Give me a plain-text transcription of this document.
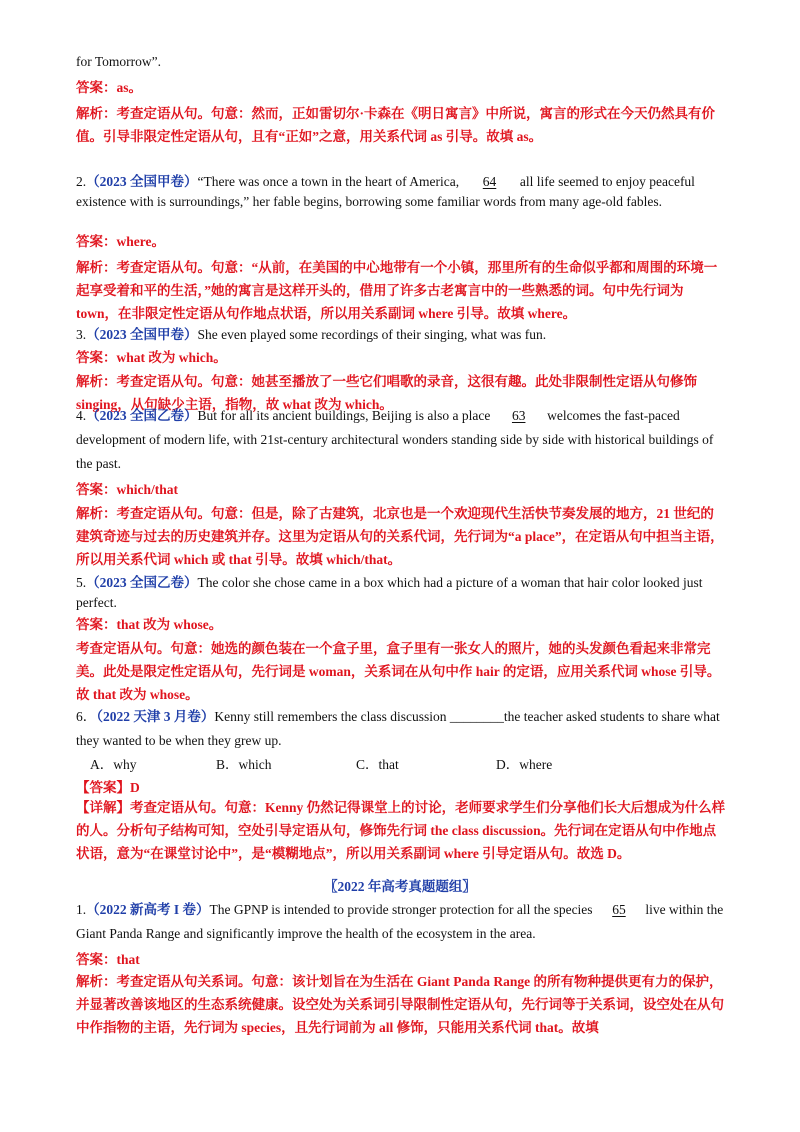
for Tomorrow”.
答案：as。
解析：考查定语从句。句意：然而，正如雷切尔·卡森在《明日寓言》中所说，寓言的形式在今天仍然具有价值。引导非限定性定语从句，且有“正如”之意，用关系代词 as 引导。故填 as。
2.（2023 全国甲卷）“There was once a town in the heart of America, 64 all life seemed to enjoy peaceful existence with is surroundings,” her fable begins, borrowing some familiar words from many age-old fables.
答案：where。
解析：考查定语从句。句意：“从前，在美国的中心地带有一个小镇，那里所有的生命似乎都和周围的环境一起享受着和平的生活，”她的寓言是这样开头的，借用了许多古老寓言中的一些熟悉的词。句中先行词为 town，在非限定性定语从句作地点状语，所以用关系副词 where 引导。故填 where。
3.（2023 全国甲卷）She even played some recordings of their singing, what was fun.
答案：what 改为 which。
解析：考查定语从句。句意：她甚至播放了一些它们唱歌的录音，这很有趣。此处非限制性定语从句修饰 singing，从句缺少主语，指物，故 what 改为 which。
4.（2023 全国乙卷）But for all its ancient buildings, Beijing is also a place 63 welcomes the fast-paced development of modern life, with 21st-century architectural wonders standing side by side with historical buildings of the past.
答案：which/that
解析：考查定语从句。句意：但是，除了古建筑，北京也是一个欢迎现代生活快节奏发展的地方，21 世纪的建筑奇迹与过去的历史建筑并存。这里为定语从句的关系代词，先行词为“a place”，在定语从句中担当主语，所以用关系代词 which 或 that 引导。故填 which/that。
5.（2023 全国乙卷）The color she chose came in a box which had a picture of a woman that hair color looked just perfect.
答案：that 改为 whose。
考查定语从句。句意：她选的颜色装在一个盒子里，盒子里有一张女人的照片，她的头发颜色看起来非常完美。此处是限定性定语从句，先行词是 woman，关系词在从句中作 hair 的定语，应用关系代词 whose 引导。故 that 改为 whose。
6．（2022 天津 3 月卷）Kenny still remembers the class discussion ________the teacher asked students to share what they wanted to be when they grew up.
A．why	B．which	C．that	D．where
【答案】D
【详解】考查定语从句。句意：Kenny 仍然记得课堂上的讨论，老师要求学生们分享他们长大后想成为什么样的人。分析句子结构可知，空处引导定语从句，修饰先行词 the class discussion。先行词在定语从句中作地点状语，意为“在课堂讨论中”，是“模糊地点”，所以用关系副词 where 引导定语从句。故选 D。
〖2022 年高考真题题组〗
1.（2022 新高考 I 卷）The GPNP is intended to provide stronger protection for all the species 65 live within the Giant Panda Range and significantly improve the health of the ecosystem in the area.
答案：that
解析：考查定语从句关系词。句意：该计划旨在为生活在 Giant Panda Range 的所有物种提供更有力的保护，并显著改善该地区的生态系统健康。设空处为关系词引导限制性定语从句，先行词等于关系词，设空处在从句中作指物的主语，先行词为 species，且先行词前为 all 修饰，只能用关系代词 that。故填
